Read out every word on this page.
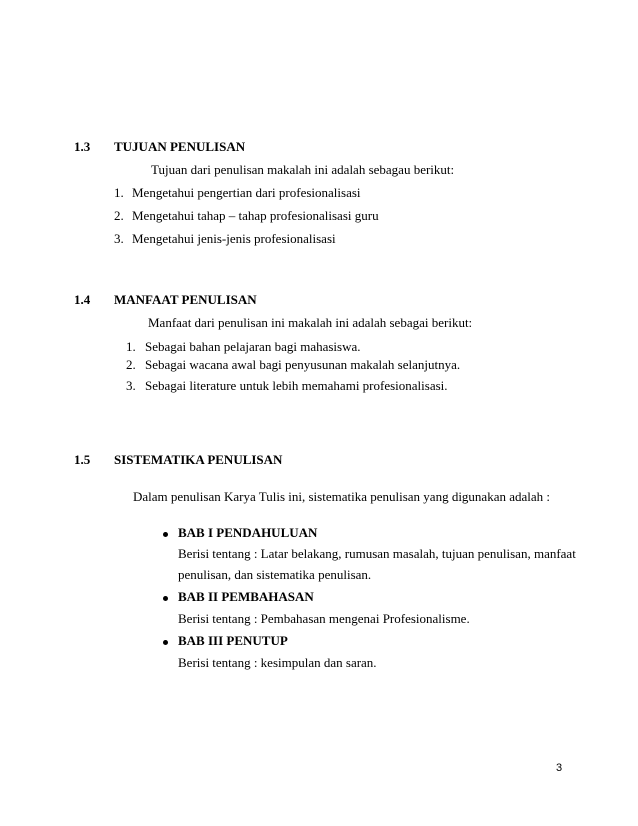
1.3 TUJUAN PENULISAN
Tujuan dari penulisan makalah ini adalah sebagau berikut:
1. Mengetahui pengertian dari profesionalisasi
2. Mengetahui tahap – tahap profesionalisasi guru
3. Mengetahui jenis-jenis profesionalisasi
1.4 MANFAAT PENULISAN
Manfaat dari penulisan ini makalah ini adalah sebagai berikut:
1. Sebagai bahan pelajaran bagi mahasiswa.
2. Sebagai wacana awal bagi penyusunan makalah selanjutnya.
3. Sebagai literature untuk lebih memahami profesionalisasi.
1.5 SISTEMATIKA PENULISAN
Dalam penulisan Karya Tulis ini, sistematika penulisan yang digunakan adalah :
BAB I PENDAHULUAN
Berisi tentang : Latar belakang, rumusan masalah, tujuan penulisan, manfaat
penulisan, dan sistematika penulisan.
BAB II PEMBAHASAN
Berisi tentang : Pembahasan mengenai Profesionalisme.
BAB III PENUTUP
Berisi tentang : kesimpulan dan saran.
3
